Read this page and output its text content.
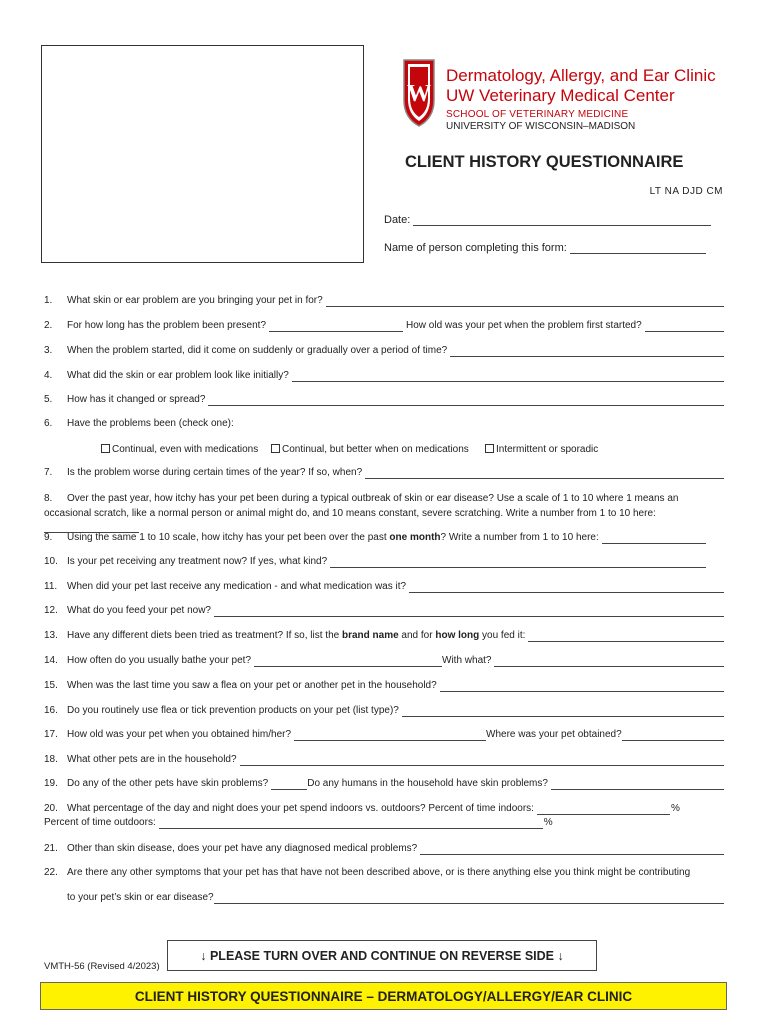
W
Dermatology, Allergy, and Ear Clinic
UW Veterinary Medical Center
SCHOOL OF VETERINARY MEDICINE
UNIVERSITY OF WISCONSIN–MADISON
CLIENT HISTORY QUESTIONNAIRE
LT NA DJD CM
Date:
Name of person completing this form:
1.	What skin or ear problem are you bringing your pet in for?
2.	For how long has the problem been present?	How old was your pet when the problem first started?
3.	When the problem started, did it come on suddenly or gradually over a period of time?
4.	What did the skin or ear problem look like initially?
5.	How has it changed or spread?
6.	Have the problems been (check one):
Continual, even with medications	Continual, but better when on medications	Intermittent or sporadic
7.	Is the problem worse during certain times of the year? If so, when?
8. Over the past year, how itchy has your pet been during a typical outbreak of skin or ear disease? Use a scale of 1 to 10 where 1 means an occasional scratch, like a normal person or animal might do, and 10 means constant, severe scratching. Write a number from 1 to 10 here:
9.	Using the same 1 to 10 scale, how itchy has your pet been over the past one month ? Write a number from 1 to 10 here:
10. Is your pet receiving any treatment now? If yes, what kind?
11. When did your pet last receive any medication - and what medication was it?
12. What do you feed your pet now?
13. Have any different diets been tried as treatment? If so, list the brand name and for how long you fed it:
14. How often do you usually bathe your pet?	With what?
15. When was the last time you saw a flea on your pet or another pet in the household?
16. Do you routinely use flea or tick prevention products on your pet (list type)?
17. How old was your pet when you obtained him/her?	Where was your pet obtained?
18. What other pets are in the household?
19. Do any of the other pets have skin problems?	Do any humans in the household have skin problems?
20. What percentage of the day and night does your pet spend indoors vs. outdoors? Percent of time indoors:	%
Percent of time outdoors:	%
21. Other than skin disease, does your pet have any diagnosed medical problems?
22. Are there any other symptoms that your pet has that have not been described above, or is there anything else you think might be contributing
to your pet’s skin or ear disease?
↓ PLEASE TURN OVER AND CONTINUE ON REVERSE SIDE ↓
VMTH-56 (Revised 4/2023)
CLIENT HISTORY QUESTIONNAIRE – DERMATOLOGY/ALLERGY/EAR CLINIC
